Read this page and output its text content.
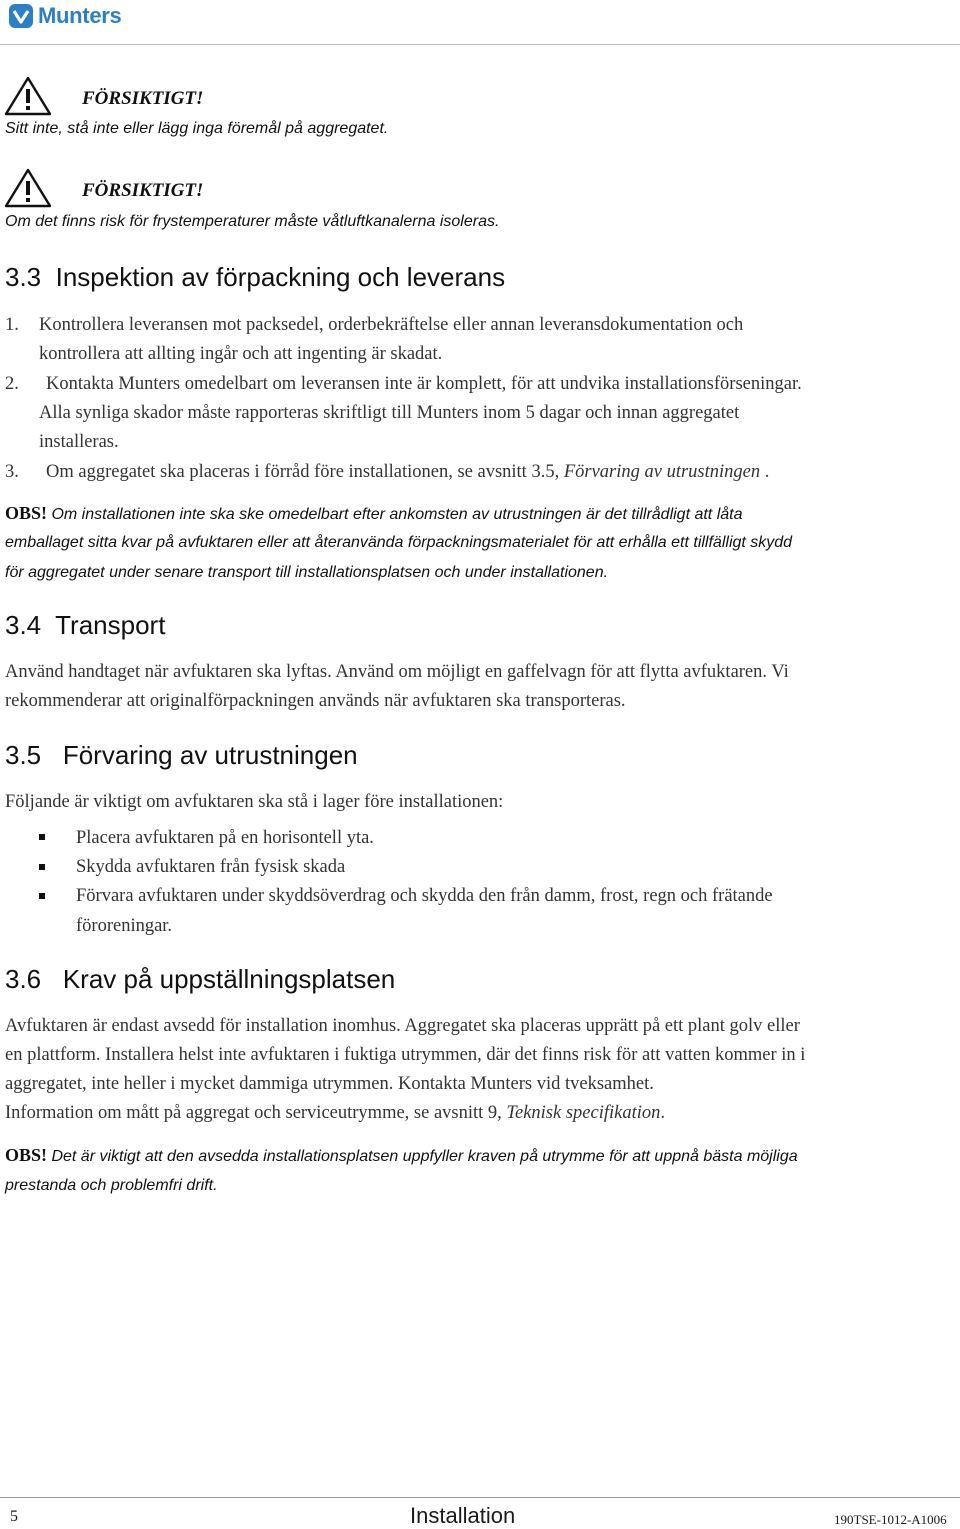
Munters
FÖRSIKTIGT!
Sitt inte, stå inte eller lägg inga föremål på aggregatet.
FÖRSIKTIGT!
Om det finns risk för frystemperaturer måste våtluftkanalerna isoleras.
3.3  Inspektion av förpackning och leverans
1. Kontrollera leveransen mot packsedel, orderbekräftelse eller annan leveransdokumentation och
kontrollera att allting ingår och att ingenting är skadat.
2. Kontakta Munters omedelbart om leveransen inte är komplett, för att undvika installationsförseningar.
Alla synliga skador måste rapporteras skriftligt till Munters inom 5 dagar och innan aggregatet
installeras.
3. Om aggregatet ska placeras i förråd före installationen, se avsnitt 3.5, Förvaring av utrustningen .
OBS! Om installationen inte ska ske omedelbart efter ankomsten av utrustningen är det tillrådligt att låta
emballaget sitta kvar på avfuktaren eller att återanvända förpackningsmaterialet för att erhålla ett tillfälligt skydd
för aggregatet under senare transport till installationsplatsen och under installationen.
3.4  Transport
Använd handtaget när avfuktaren ska lyftas. Använd om möjligt en gaffelvagn för att flytta avfuktaren. Vi
rekommenderar att originalförpackningen används när avfuktaren ska transporteras.
3.5   Förvaring av utrustningen
Följande är viktigt om avfuktaren ska stå i lager före installationen:
Placera avfuktaren på en horisontell yta.
Skydda avfuktaren från fysisk skada
Förvara avfuktaren under skyddsöverdrag och skydda den från damm, frost, regn och frätande
föroreningar.
3.6   Krav på uppställningsplatsen
Avfuktaren är endast avsedd för installation inomhus. Aggregatet ska placeras upprätt på ett plant golv eller
en plattform. Installera helst inte avfuktaren i fuktiga utrymmen, där det finns risk för att vatten kommer in i
aggregatet, inte heller i mycket dammiga utrymmen. Kontakta Munters vid tveksamhet.
Information om mått på aggregat och serviceutrymme, se avsnitt 9, Teknisk specifikation.
OBS! Det är viktigt att den avsedda installationsplatsen uppfyller kraven på utrymme för att uppnå bästa möjliga
prestanda och problemfri drift.
5	Installation	190TSE-1012-A1006
